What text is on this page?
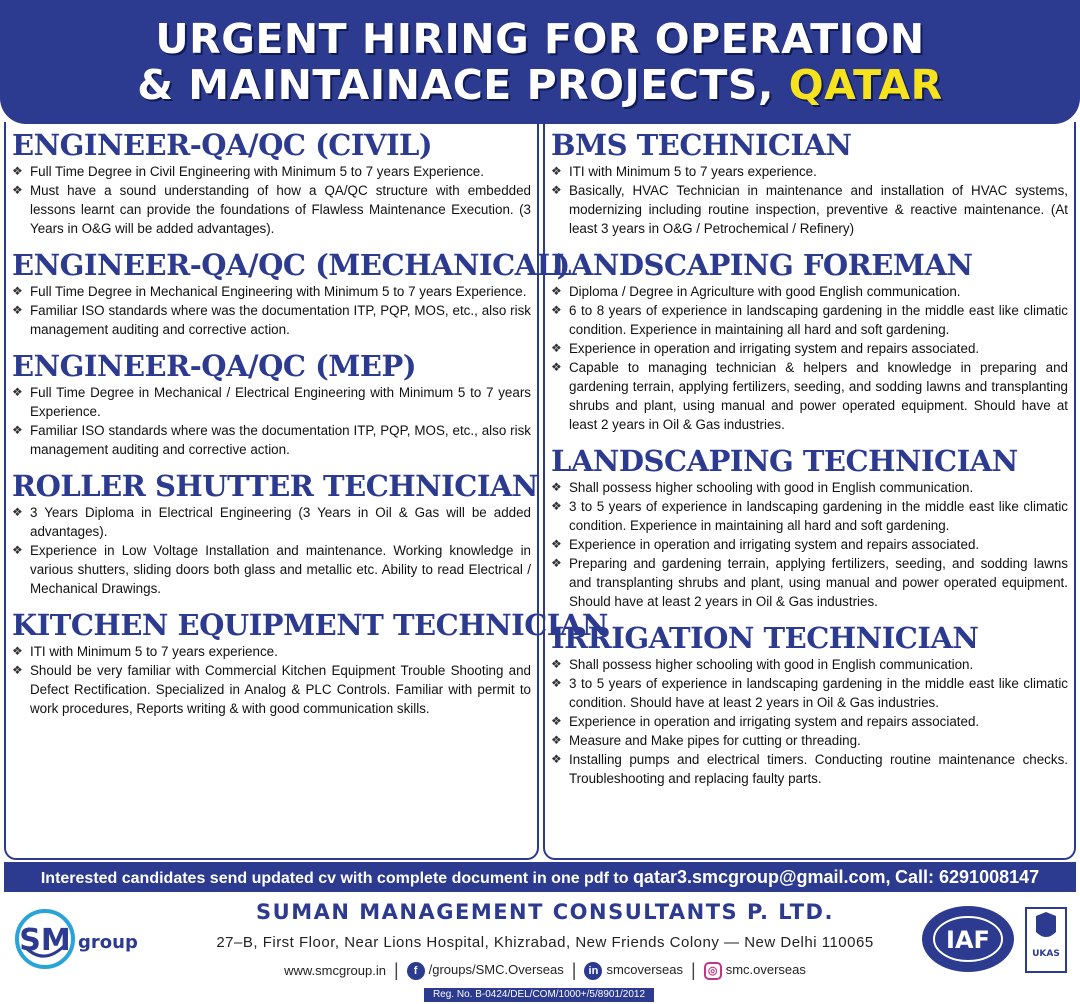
URGENT HIRING FOR OPERATION
& MAINTAINACE PROJECTS, QATAR
ENGINEER-QA/QC (CIVIL)
❖ Full Time Degree in Civil Engineering with Minimum 5 to 7 years Experience.
❖ Must have a sound understanding of how a QA/QC structure with embedded lessons learnt can provide the foundations of Flawless Maintenance Execution. (3 Years in O&G will be added advantages).
ENGINEER-QA/QC (MECHANICAL)
❖ Full Time Degree in Mechanical Engineering with Minimum 5 to 7 years Experience.
❖ Familiar ISO standards where was the documentation ITP, PQP, MOS, etc., also risk management auditing and corrective action.
ENGINEER-QA/QC (MEP)
❖ Full Time Degree in Mechanical / Electrical Engineering with Minimum 5 to 7 years Experience.
❖ Familiar ISO standards where was the documentation ITP, PQP, MOS, etc., also risk management auditing and corrective action.
ROLLER SHUTTER TECHNICIAN
❖ 3 Years Diploma in Electrical Engineering (3 Years in Oil & Gas will be added advantages).
❖ Experience in Low Voltage Installation and maintenance. Working knowledge in various shutters, sliding doors both glass and metallic etc. Ability to read Electrical / Mechanical Drawings.
KITCHEN EQUIPMENT TECHNICIAN
❖ ITI with Minimum 5 to 7 years experience.
❖ Should be very familiar with Commercial Kitchen Equipment Trouble Shooting and Defect Rectification. Specialized in Analog & PLC Controls. Familiar with permit to work procedures, Reports writing & with good communication skills.
BMS TECHNICIAN
❖ ITI with Minimum 5 to 7 years experience.
❖ Basically, HVAC Technician in maintenance and installation of HVAC systems, modernizing including routine inspection, preventive & reactive maintenance. (At least 3 years in O&G / Petrochemical / Refinery)
LANDSCAPING FOREMAN
❖ Diploma / Degree in Agriculture with good English communication.
❖ 6 to 8 years of experience in landscaping gardening in the middle east like climatic condition. Experience in maintaining all hard and soft gardening.
❖ Experience in operation and irrigating system and repairs associated.
❖ Capable to managing technician & helpers and knowledge in preparing and gardening terrain, applying fertilizers, seeding, and sodding lawns and transplanting shrubs and plant, using manual and power operated equipment. Should have at least 2 years in Oil & Gas industries.
LANDSCAPING TECHNICIAN
❖ Shall possess higher schooling with good in English communication.
❖ 3 to 5 years of experience in landscaping gardening in the middle east like climatic condition. Experience in maintaining all hard and soft gardening.
❖ Experience in operation and irrigating system and repairs associated.
❖ Preparing and gardening terrain, applying fertilizers, seeding, and sodding lawns and transplanting shrubs and plant, using manual and power operated equipment. Should have at least 2 years in Oil & Gas industries.
IRRIGATION TECHNICIAN
❖ Shall possess higher schooling with good in English communication.
❖ 3 to 5 years of experience in landscaping gardening in the middle east like climatic condition. Should have at least 2 years in Oil & Gas industries.
❖ Experience in operation and irrigating system and repairs associated.
❖ Measure and Make pipes for cutting or threading.
❖ Installing pumps and electrical timers. Conducting routine maintenance checks. Troubleshooting and replacing faulty parts.
Interested candidates send updated cv with complete document in one pdf to qatar3.smcgroup@gmail.com, Call: 6291008147
SM group
SUMAN MANAGEMENT CONSULTANTS P. LTD.
27–B, First Floor, Near Lions Hospital, Khizrabad, New Friends Colony — New Delhi 110065
www.smcgroup.in |	f /groups/SMC.Overseas |	in smcoverseas |	◎ smc.overseas
Reg. No. B-0424/DEL/COM/1000+/5/8901/2012
IAF	UKAS
